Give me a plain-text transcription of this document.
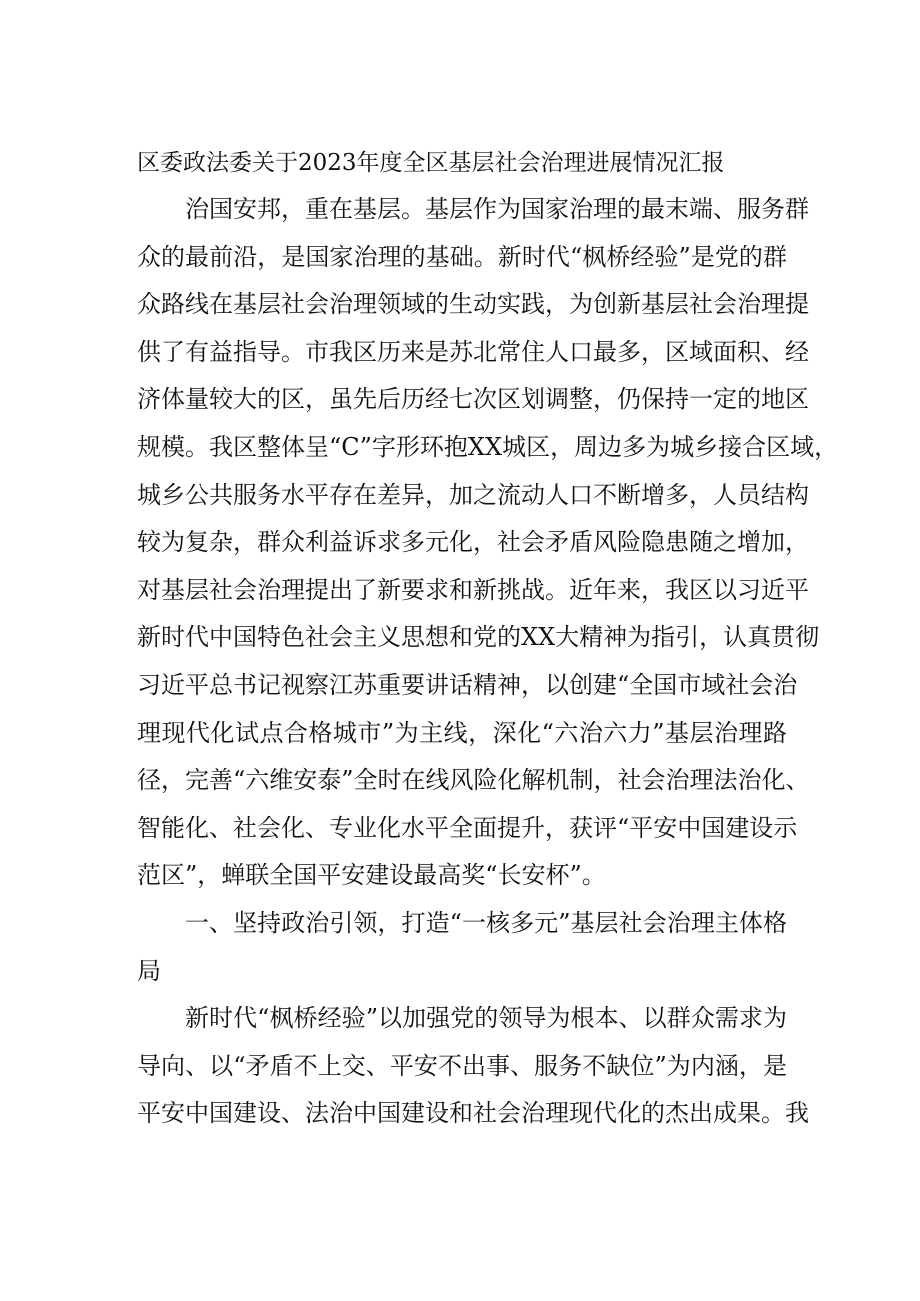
区委政法委关于2023年度全区基层社会治理进展情况汇报
治国安邦，重在基层。基层作为国家治理的最末端、服务群
众的最前沿，是国家治理的基础。新时代“枫桥经验”是党的群
众路线在基层社会治理领域的生动实践，为创新基层社会治理提
供了有益指导。市我区历来是苏北常住人口最多，区域面积、经
济体量较大的区，虽先后历经七次区划调整，仍保持一定的地区
规模。我区整体呈“C”字形环抱XX城区，周边多为城乡接合区域，
城乡公共服务水平存在差异，加之流动人口不断增多，人员结构
较为复杂，群众利益诉求多元化，社会矛盾风险隐患随之增加，
对基层社会治理提出了新要求和新挑战。近年来，我区以习近平
新时代中国特色社会主义思想和党的XX大精神为指引，认真贯彻
习近平总书记视察江苏重要讲话精神，以创建“全国市域社会治
理现代化试点合格城市”为主线，深化“六治六力”基层治理路
径，完善“六维安泰”全时在线风险化解机制，社会治理法治化、
智能化、社会化、专业化水平全面提升，获评“平安中国建设示
范区”，蝉联全国平安建设最高奖“长安杯”。
一、坚持政治引领，打造“一核多元”基层社会治理主体格
局
新时代“枫桥经验”以加强党的领导为根本、以群众需求为
导向、以“矛盾不上交、平安不出事、服务不缺位”为内涵，是
平安中国建设、法治中国建设和社会治理现代化的杰出成果。我
